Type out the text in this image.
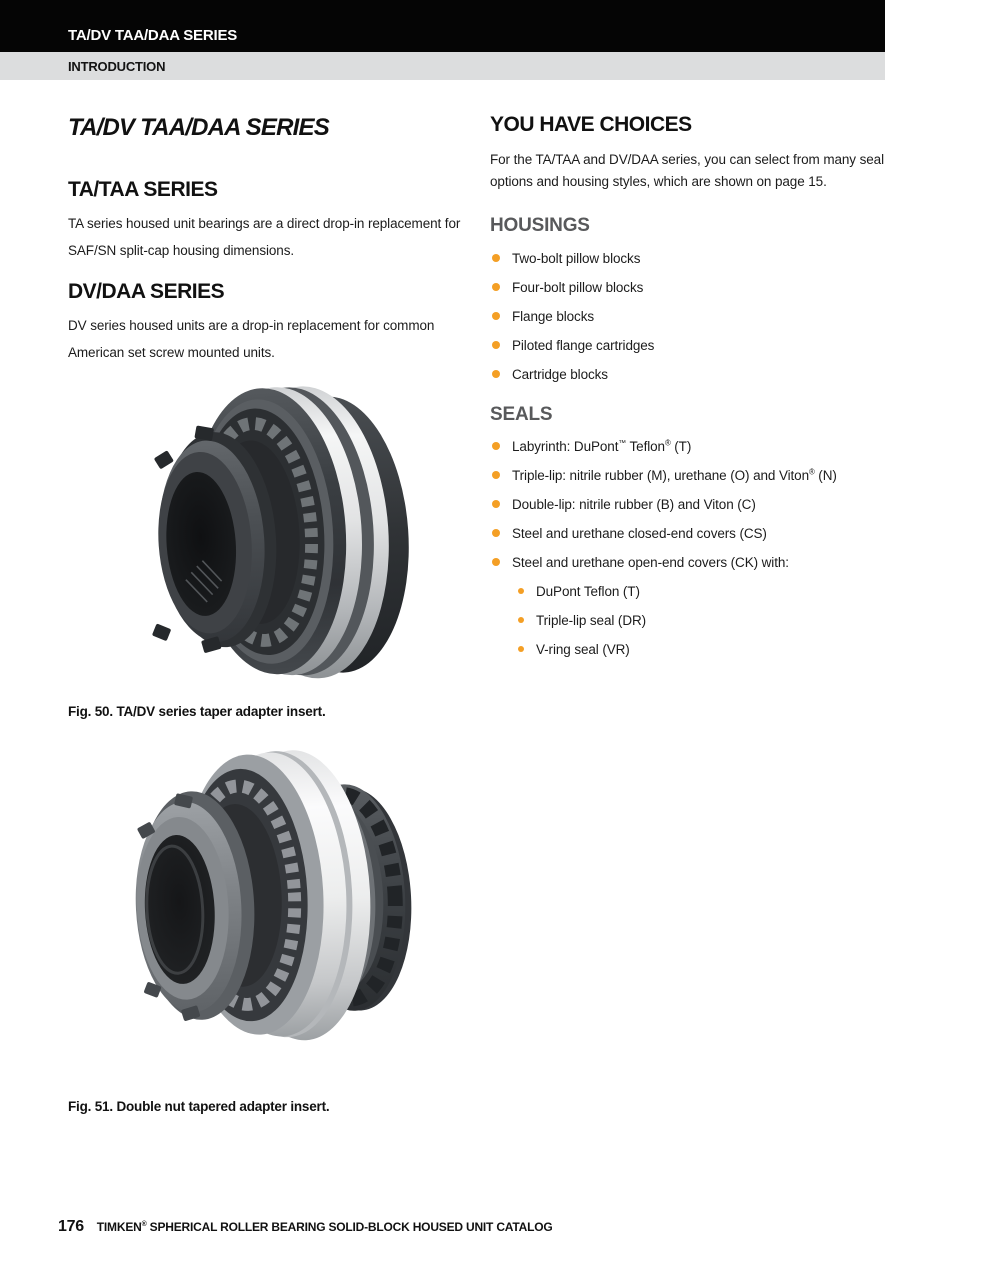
TA/DV TAA/DAA SERIES
INTRODUCTION
TA/DV TAA/DAA SERIES
TA/TAA SERIES

TA series housed unit bearings are a direct drop-in replacement for SAF/SN split-cap housing dimensions.

DV/DAA SERIES

DV series housed units are a drop-in replacement for common American set screw mounted units.

Fig. 50. TA/DV series taper adapter insert.
Fig. 51. Double nut tapered adapter insert.
YOU HAVE CHOICES

For the TA/TAA and DV/DAA series, you can select from many seal options and housing styles, which are shown on page 15.

HOUSINGS
Two-bolt pillow blocks
Four-bolt pillow blocks
Flange blocks
Piloted flange cartridges
Cartridge blocks
SEALS
Labyrinth: DuPont™ Teflon® (T)
Triple-lip: nitrile rubber (M), urethane (O) and Viton® (N)
Double-lip: nitrile rubber (B) and Viton (C)
Steel and urethane closed-end covers (CS)
Steel and urethane open-end covers (CK) with:
DuPont Teflon (T)
Triple-lip seal (DR)
V-ring seal (VR)
176 TIMKEN® SPHERICAL ROLLER BEARING SOLID-BLOCK HOUSED UNIT CATALOG
